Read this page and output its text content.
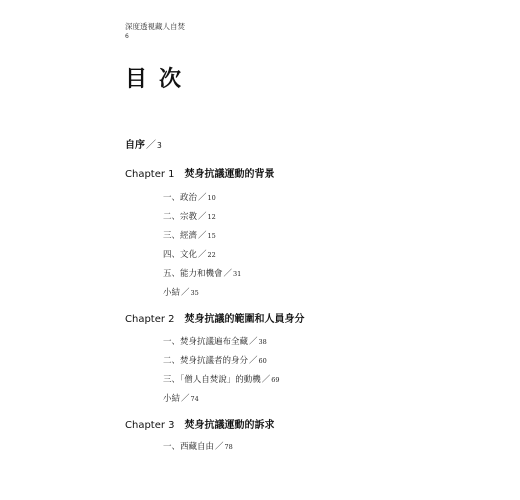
深度透視藏人自焚
6
目次
自序／3
Chapter 1 焚身抗議運動的背景
一、政治／10
二、宗教／12
三、經濟／15
四、文化／22
五、能力和機會／31
小結／35
Chapter 2 焚身抗議的範圍和人員身分
一、焚身抗議遍布全藏／38
二、焚身抗議者的身分／60
三、「僧人自焚說」的動機／69
小結／74
Chapter 3 焚身抗議運動的訴求
一、西藏自由／78
